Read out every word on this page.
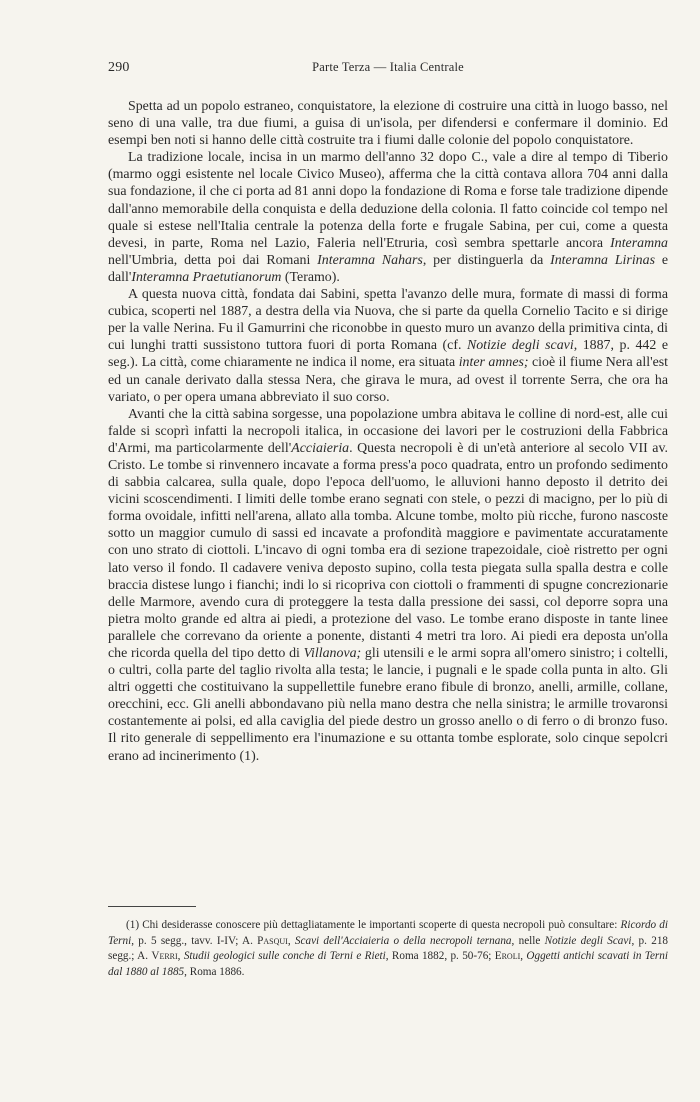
290	Parte Terza — Italia Centrale

Spetta ad un popolo estraneo, conquistatore, la elezione di costruire una città in luogo basso, nel seno di una valle, tra due fiumi, a guisa di un'isola, per difendersi e confermare il dominio. Ed esempi ben noti si hanno delle città costruite tra i fiumi dalle colonie del popolo conquistatore.

La tradizione locale, incisa in un marmo dell'anno 32 dopo C., vale a dire al tempo di Tiberio (marmo oggi esistente nel locale Civico Museo), afferma che la città contava allora 704 anni dalla sua fondazione, il che ci porta ad 81 anni dopo la fondazione di Roma e forse tale tradizione dipende dall'anno memorabile della conquista e della deduzione della colonia. Il fatto coincide col tempo nel quale si estese nell'Italia centrale la potenza della forte e frugale Sabina, per cui, come a questa devesi, in parte, Roma nel Lazio, Faleria nell'Etruria, così sembra spettarle ancora Interamna nell'Umbria, detta poi dai Romani Interamna Nahars, per distinguerla da Interamna Lirinas e dall'Interamna Praetutianorum (Teramo).

A questa nuova città, fondata dai Sabini, spetta l'avanzo delle mura, formate di massi di forma cubica, scoperti nel 1887, a destra della via Nuova, che si parte da quella Cornelio Tacito e si dirige per la valle Nerina. Fu il Gamurrini che riconobbe in questo muro un avanzo della primitiva cinta, di cui lunghi tratti sussistono tuttora fuori di porta Romana (cf. Notizie degli scavi, 1887, p. 442 e seg.). La città, come chiaramente ne indica il nome, era situata inter amnes; cioè il fiume Nera all'est ed un canale derivato dalla stessa Nera, che girava le mura, ad ovest il torrente Serra, che ora ha variato, o per opera umana abbreviato il suo corso.

Avanti che la città sabina sorgesse, una popolazione umbra abitava le colline di nord-est, alle cui falde si scoprì infatti la necropoli italica, in occasione dei lavori per le costruzioni della Fabbrica d'Armi, ma particolarmente dell'Acciaieria. Questa necropoli è di un'età anteriore al secolo VII av. Cristo. Le tombe si rinvennero incavate a forma press'a poco quadrata, entro un profondo sedimento di sabbia calcarea, sulla quale, dopo l'epoca dell'uomo, le alluvioni hanno deposto il detrito dei vicini scoscendimenti. I limiti delle tombe erano segnati con stele, o pezzi di macigno, per lo più di forma ovoidale, infitti nell'arena, allato alla tomba. Alcune tombe, molto più ricche, furono nascoste sotto un maggior cumulo di sassi ed incavate a profondità maggiore e pavimentate accuratamente con uno strato di ciottoli. L'incavo di ogni tomba era di sezione trapezoidale, cioè ristretto per ogni lato verso il fondo. Il cadavere veniva deposto supino, colla testa piegata sulla spalla destra e colle braccia distese lungo i fianchi; indi lo si ricopriva con ciottoli o frammenti di spugne concrezionarie delle Marmore, avendo cura di proteggere la testa dalla pressione dei sassi, col deporre sopra una pietra molto grande ed altra ai piedi, a protezione del vaso. Le tombe erano disposte in tante linee parallele che correvano da oriente a ponente, distanti 4 metri tra loro. Ai piedi era deposta un'olla che ricorda quella del tipo detto di Villanova; gli utensili e le armi sopra all'omero sinistro; i coltelli, o cultri, colla parte del taglio rivolta alla testa; le lancie, i pugnali e le spade colla punta in alto. Gli altri oggetti che costituivano la suppellettile funebre erano fibule di bronzo, anelli, armille, collane, orecchini, ecc. Gli anelli abbondavano più nella mano destra che nella sinistra; le armille trovaronsi costantemente ai polsi, ed alla caviglia del piede destro un grosso anello o di ferro o di bronzo fuso. Il rito generale di seppellimento era l'inumazione e su ottanta tombe esplorate, solo cinque sepolcri erano ad incinerimento (1).

(1) Chi desiderasse conoscere più dettagliatamente le importanti scoperte di questa necropoli può consultare: Ricordo di Terni, p. 5 segg., tavv. I-IV; A. Pasqui, Scavi dell'Acciaieria o della necropoli ternana, nelle Notizie degli Scavi, p. 218 segg.; A. Verri, Studii geologici sulle conche di Terni e Rieti, Roma 1882, p. 50-76; Eroli, Oggetti antichi scavati in Terni dal 1880 al 1885, Roma 1886.
